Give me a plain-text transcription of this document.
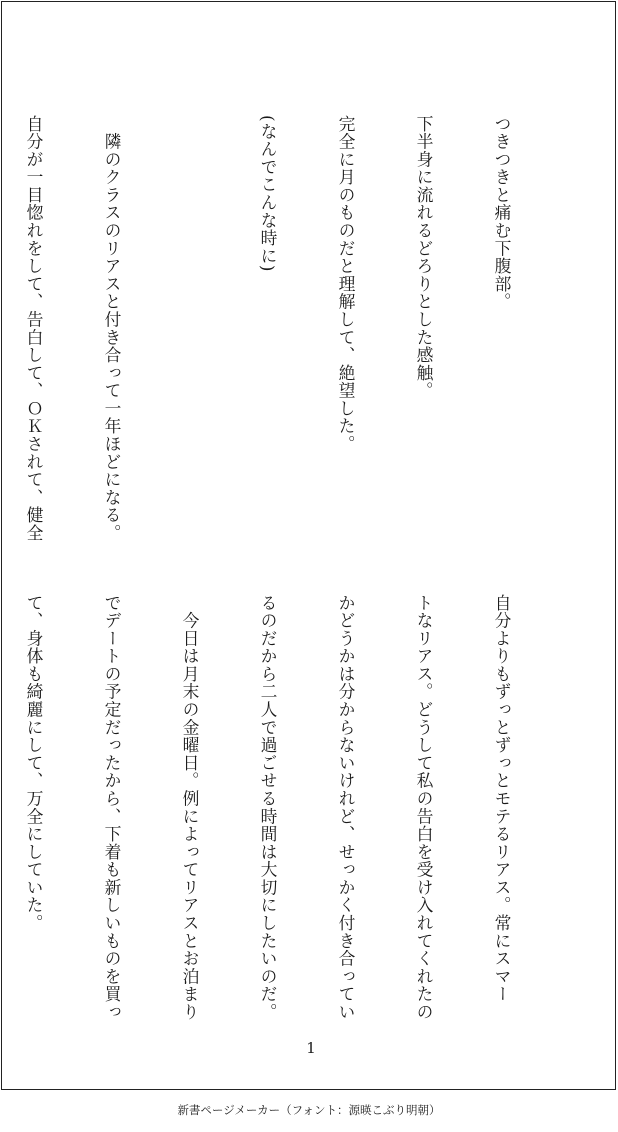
つきつきと痛む下腹部。

下半身に流れるどろりとした感触。

完全に月のものだと理解して、絶望した。

(なんでこんな時に)

　隣のクラスのリアスと付き合って一年ほどになる。

自分が一目惚れをして、告白して、ＯＫされて、健全

自分よりもずっとずっとモテるリアス。常にスマー

トなリアス。どうして私の告白を受け入れてくれたの

かどうかは分からないけれど、せっかく付き合ってい

るのだから二人で過ごせる時間は大切にしたいのだ。

　今日は月末の金曜日。例によってリアスとお泊まり

でデートの予定だったから、下着も新しいものを買っ

て、身体も綺麗にして、万全にしていた。

1
新書ページメーカー（フォント：源暎こぶり明朝）
